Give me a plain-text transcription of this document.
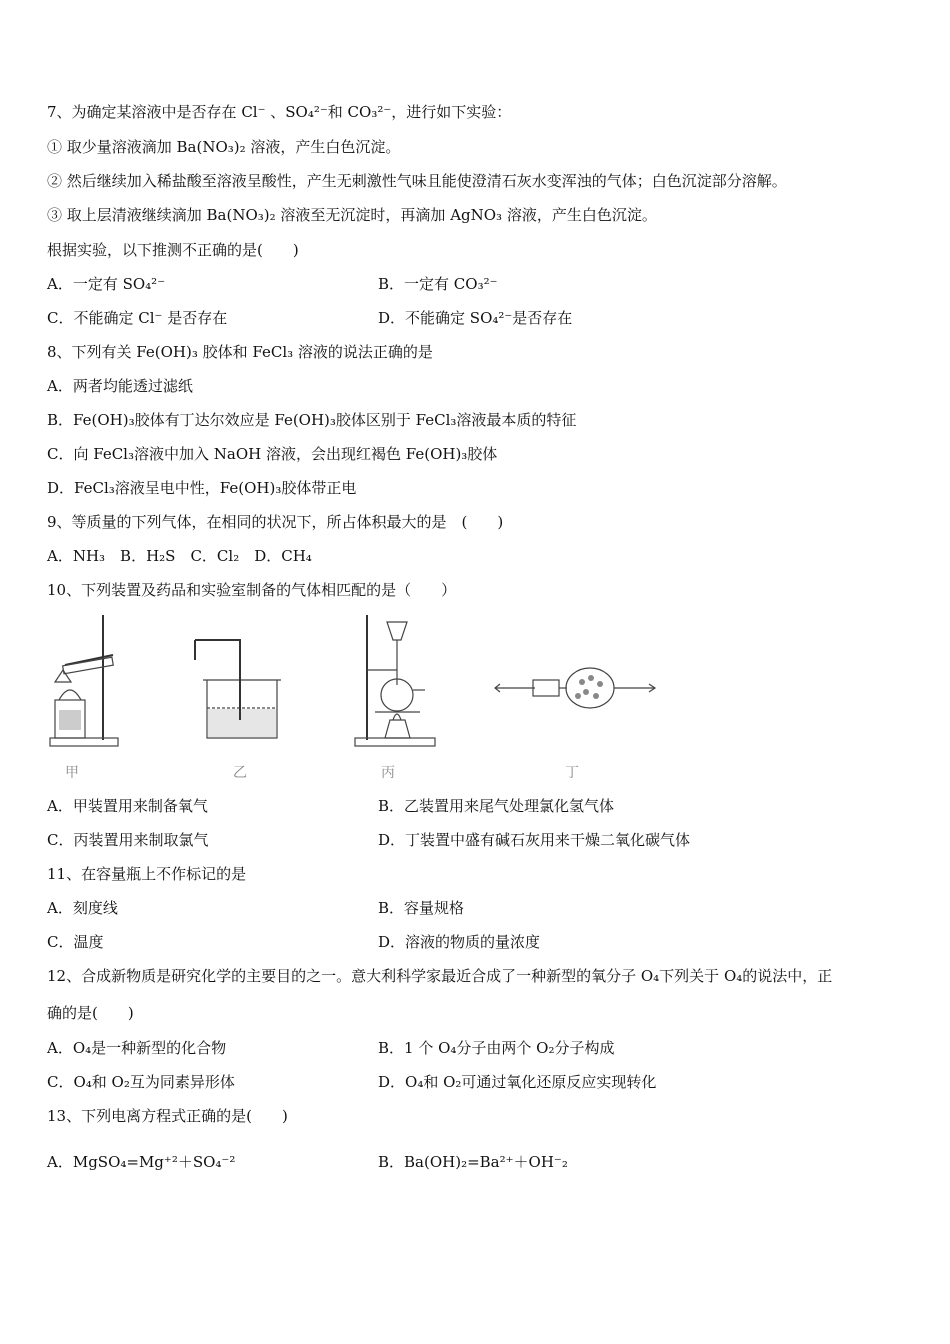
7、为确定某溶液中是否存在 Cl⁻ 、SO₄²⁻和 CO₃²⁻，进行如下实验：
① 取少量溶液滴加 Ba(NO₃)₂ 溶液，产生白色沉淀。
② 然后继续加入稀盐酸至溶液呈酸性，产生无刺激性气味且能使澄清石灰水变浑浊的气体；白色沉淀部分溶解。
③ 取上层清液继续滴加 Ba(NO₃)₂ 溶液至无沉淀时，再滴加 AgNO₃ 溶液，产生白色沉淀。
根据实验，以下推测不正确的是(　　)
A．一定有 SO₄²⁻	B．一定有 CO₃²⁻
C．不能确定 Cl⁻ 是否存在	D．不能确定 SO₄²⁻是否存在
8、下列有关 Fe(OH)₃ 胶体和 FeCl₃ 溶液的说法正确的是
A．两者均能透过滤纸
B．Fe(OH)₃胶体有丁达尔效应是 Fe(OH)₃胶体区别于 FeCl₃溶液最本质的特征
C．向 FeCl₃溶液中加入 NaOH 溶液，会出现红褐色 Fe(OH)₃胶体
D．FeCl₃溶液呈电中性，Fe(OH)₃胶体带正电
9、等质量的下列气体，在相同的状况下，所占体积最大的是　(　　)
A．NH₃　B．H₂S　C．Cl₂　D．CH₄
10、下列装置及药品和实验室制备的气体相匹配的是（　　）
甲	乙	丙	丁
A．甲装置用来制备氧气	B．乙装置用来尾气处理氯化氢气体
C．丙装置用来制取氯气	D．丁装置中盛有碱石灰用来干燥二氧化碳气体
11、在容量瓶上不作标记的是
A．刻度线	B．容量规格
C．温度	D．溶液的物质的量浓度
12、合成新物质是研究化学的主要目的之一。意大利科学家最近合成了一种新型的氧分子 O₄下列关于 O₄的说法中，正
确的是(　　)
A．O₄是一种新型的化合物	B．1 个 O₄分子由两个 O₂分子构成
C．O₄和 O₂互为同素异形体	D．O₄和 O₂可通过氧化还原反应实现转化
13、下列电离方程式正确的是(　　)
A．MgSO₄=Mg⁺²＋SO₄⁻²	B．Ba(OH)₂=Ba²⁺＋OH⁻₂
